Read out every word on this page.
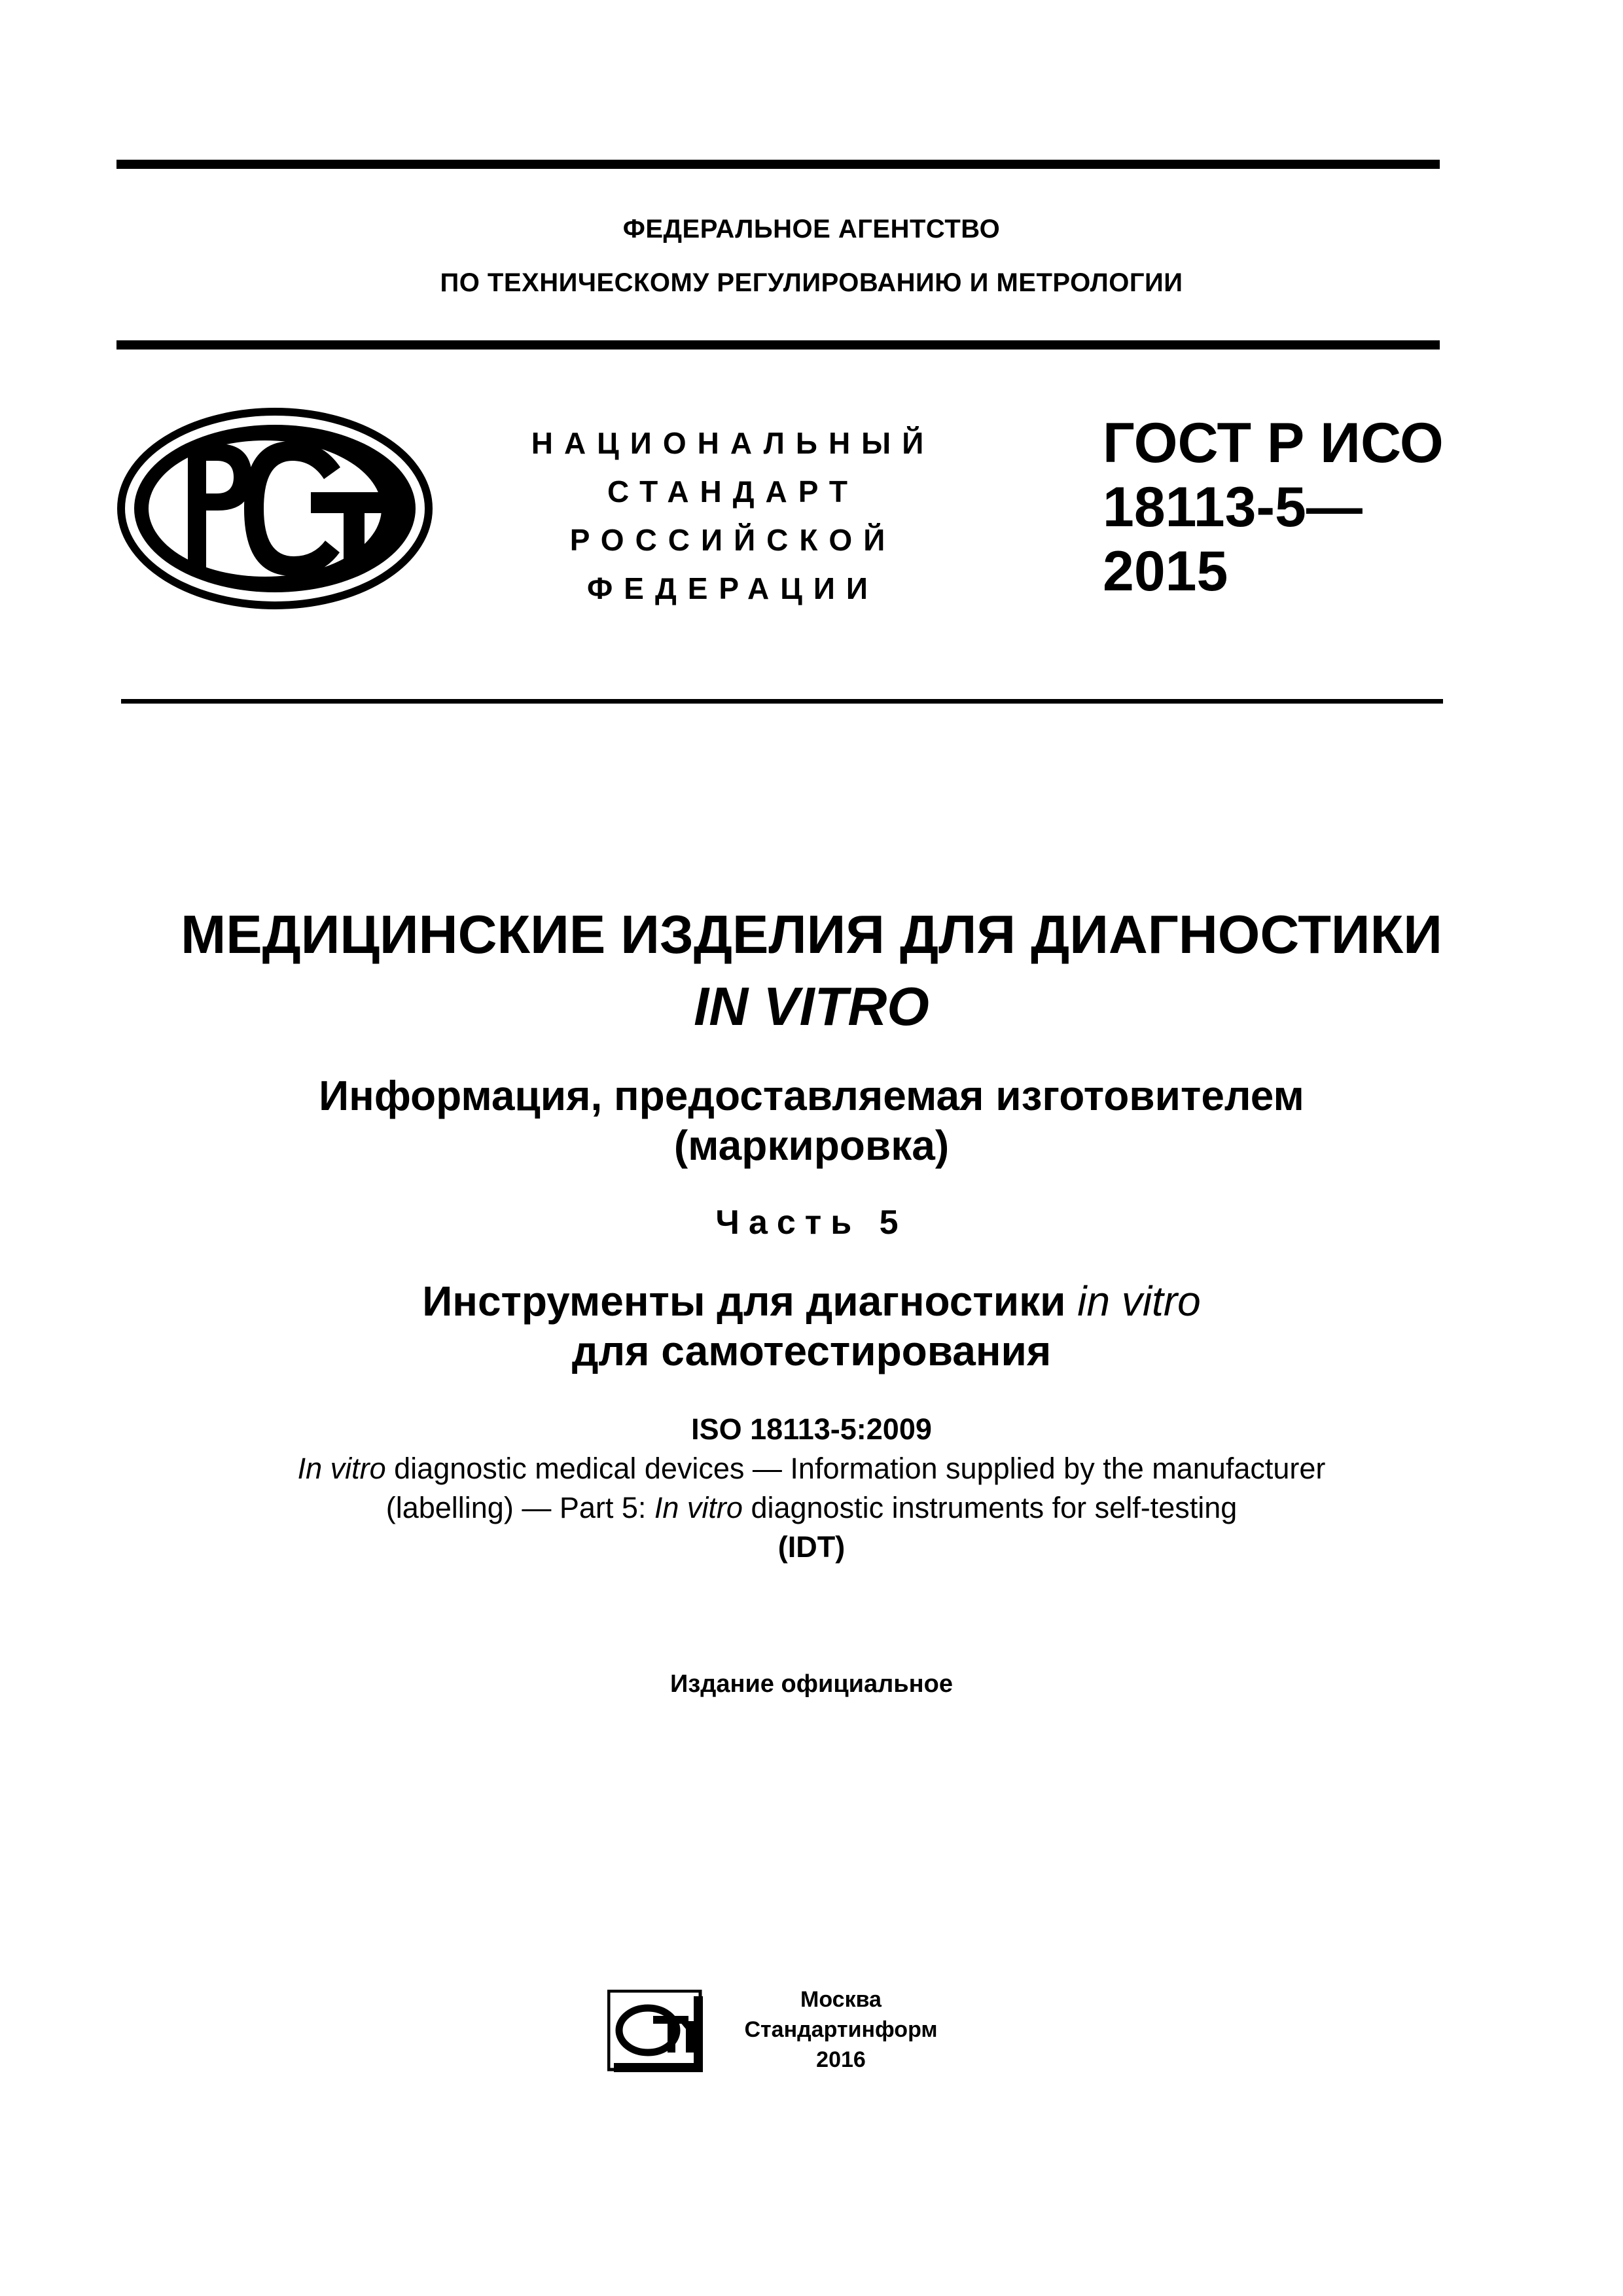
ФЕДЕРАЛЬНОЕ АГЕНТСТВО
ПО ТЕХНИЧЕСКОМУ РЕГУЛИРОВАНИЮ И МЕТРОЛОГИИ
НАЦИОНАЛЬНЫЙ
СТАНДАРТ
РОССИЙСКОЙ
ФЕДЕРАЦИИ
ГОСТ Р ИСО
18113-5—
2015
МЕДИЦИНСКИЕ ИЗДЕЛИЯ ДЛЯ ДИАГНОСТИКИ
IN VITRO
Информация, предоставляемая изготовителем
(маркировка)
Часть 5
Инструменты для диагностики in vitro
для самотестирования
ISO 18113-5:2009
In vitro diagnostic medical devices — Information supplied by the manufacturer
(labelling) — Part 5: In vitro diagnostic instruments for self-testing
(IDT)
Издание официальное
Москва
Стандартинформ
2016
